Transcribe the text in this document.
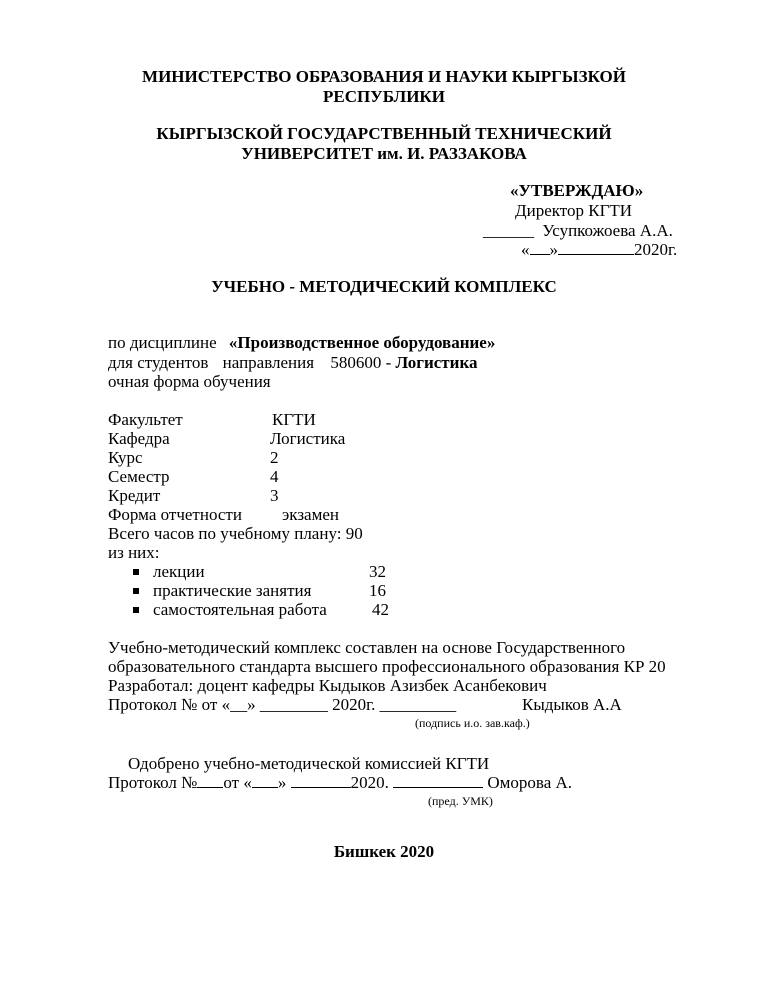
МИНИСТЕРСТВО ОБРАЗОВАНИЯ И НАУКИ КЫРГЫЗКОЙ
РЕСПУБЛИКИ
КЫРГЫЗСКОЙ ГОСУДАРСТВЕННЫЙ ТЕХНИЧЕСКИЙ
УНИВЕРСИТЕТ им. И. РАЗЗАКОВА
«УТВЕРЖДАЮ»
Директор КГТИ
______ Усупкожоева А.А.
« »	2020г.
УЧЕБНО - МЕТОДИЧЕСКИЙ КОМПЛЕКС
по дисциплине «Производственное оборудование»
для студентов направления 580600 - Логистика
очная форма обучения
Факультет	КГТИ
Кафедра	Логистика
Курс	2
Семестр	4
Кредит	3
Форма отчетности экзамен
Всего часов по учебному плану: 90
из них:
лекции	32
практические занятия	16
самостоятельная работа	42
Учебно-методический комплекс составлен на основе Государственного
образовательного стандарта высшего профессионального образования КР 20
Разработал: доцент кафедры Кыдыков Азизбек Асанбекович
Протокол № от «__» ________ 2020г. _________	Кыдыков А.А
(подпись и.о. зав.каф.)
Одобрено учебно-методической комиссией КГТИ
Протокол № от « »	2020.	Оморова А.
(пред. УМК)
Бишкек 2020
